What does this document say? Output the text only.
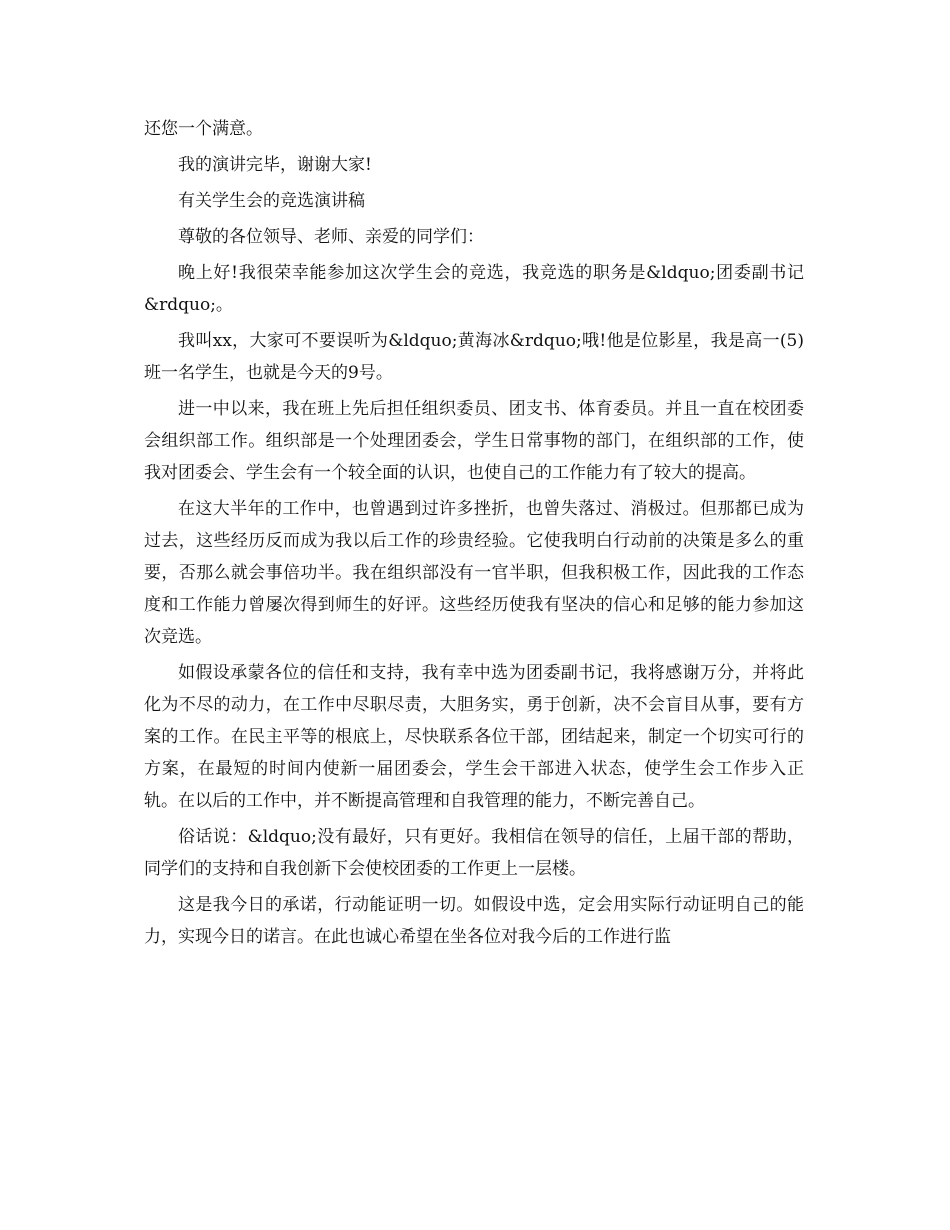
还您一个满意。

我的演讲完毕，谢谢大家!

有关学生会的竞选演讲稿

尊敬的各位领导、老师、亲爱的同学们：

晚上好!我很荣幸能参加这次学生会的竞选，我竞选的职务是&ldquo;团委副书记&rdquo;。

我叫xx，大家可不要误听为&ldquo;黄海冰&rdquo;哦!他是位影星，我是高一(5)班一名学生，也就是今天的9号。

进一中以来，我在班上先后担任组织委员、团支书、体育委员。并且一直在校团委会组织部工作。组织部是一个处理团委会，学生日常事物的部门，在组织部的工作，使我对团委会、学生会有一个较全面的认识，也使自己的工作能力有了较大的提高。

在这大半年的工作中，也曾遇到过许多挫折，也曾失落过、消极过。但那都已成为过去，这些经历反而成为我以后工作的珍贵经验。它使我明白行动前的决策是多么的重要，否那么就会事倍功半。我在组织部没有一官半职，但我积极工作，因此我的工作态度和工作能力曾屡次得到师生的好评。这些经历使我有坚决的信心和足够的能力参加这次竞选。

如假设承蒙各位的信任和支持，我有幸中选为团委副书记，我将感谢万分，并将此化为不尽的动力，在工作中尽职尽责，大胆务实，勇于创新，决不会盲目从事，要有方案的工作。在民主平等的根底上，尽快联系各位干部，团结起来，制定一个切实可行的方案，在最短的时间内使新一届团委会，学生会干部进入状态，使学生会工作步入正轨。在以后的工作中，并不断提高管理和自我管理的能力，不断完善自己。

俗话说：&ldquo;没有最好，只有更好。我相信在领导的信任，上届干部的帮助，同学们的支持和自我创新下会使校团委的工作更上一层楼。

这是我今日的承诺，行动能证明一切。如假设中选，定会用实际行动证明自己的能力，实现今日的诺言。在此也诚心希望在坐各位对我今后的工作进行监
